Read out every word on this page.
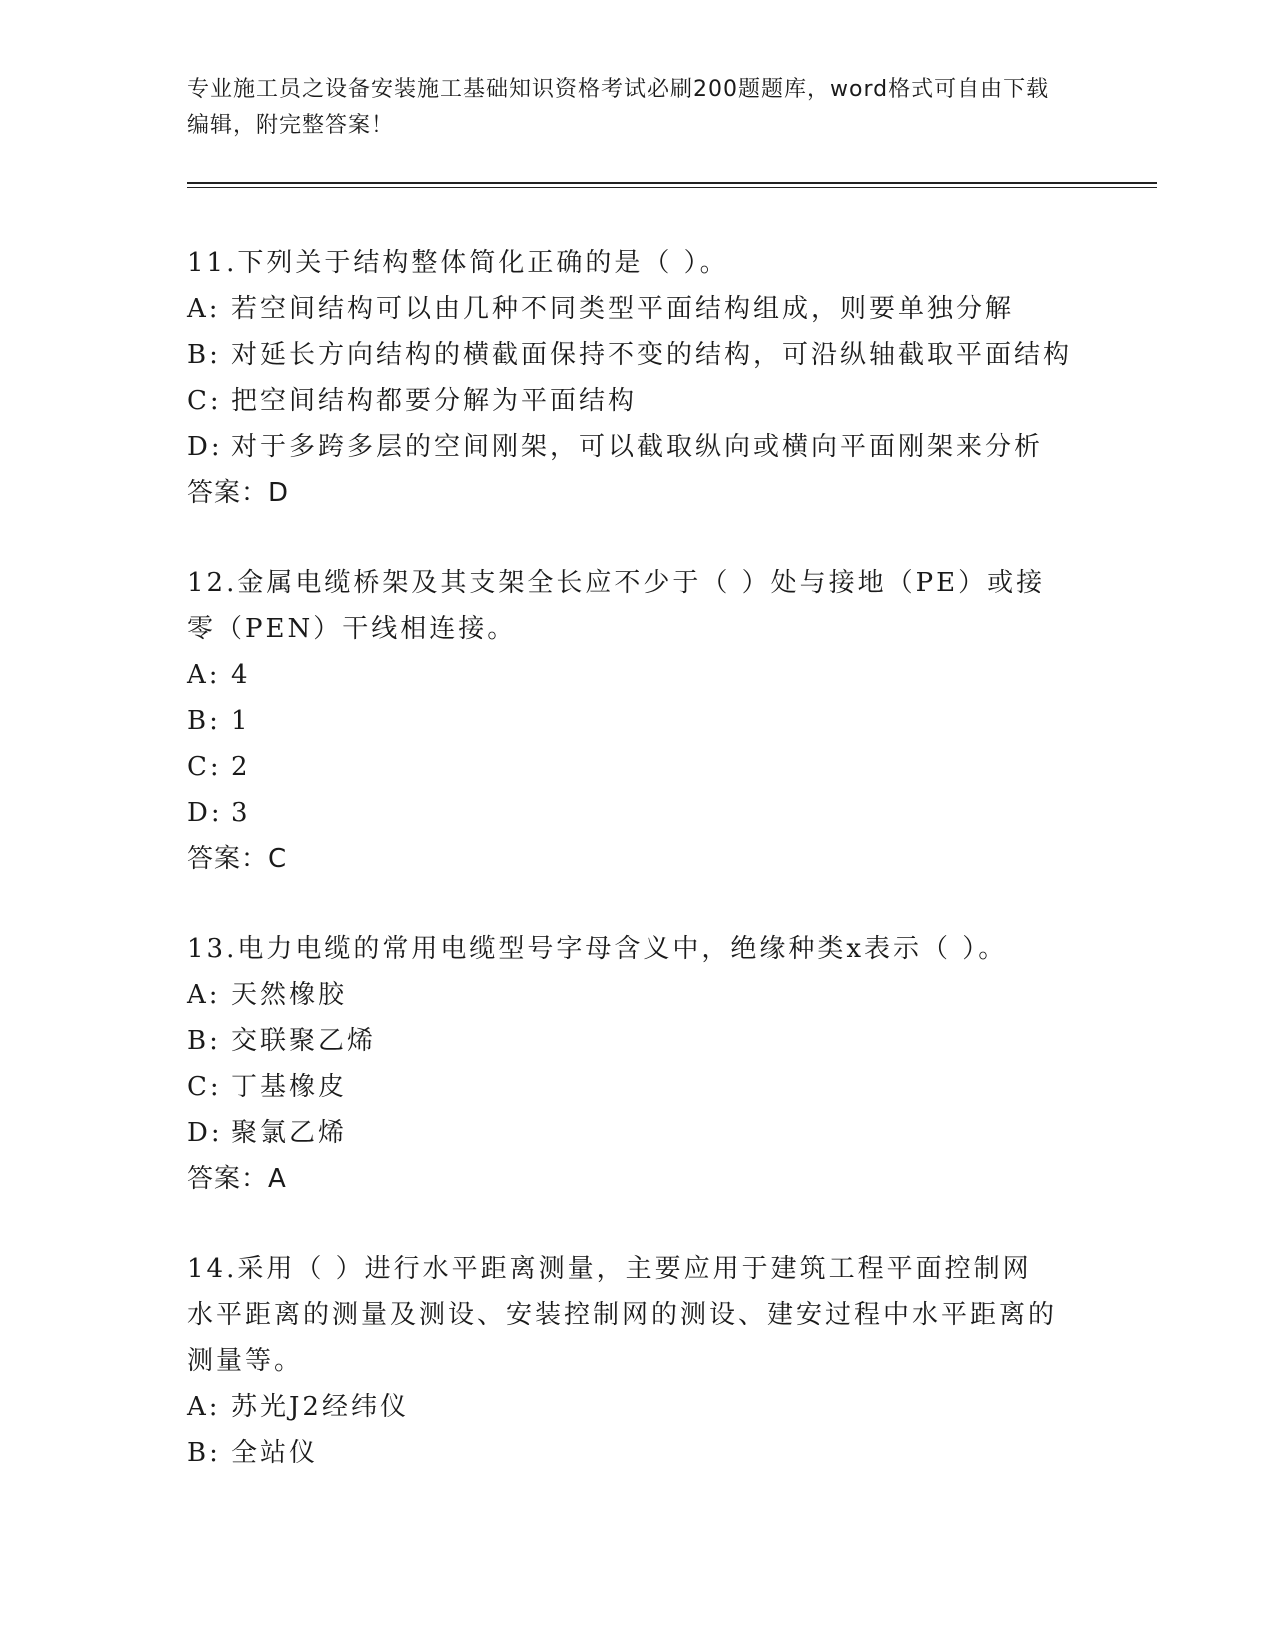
专业施工员之设备安装施工基础知识资格考试必刷200题题库，word格式可自由下载编辑，附完整答案！

11.下列关于结构整体简化正确的是（ ）。

A: 若空间结构可以由几种不同类型平面结构组成，则要单独分解

B: 对延长方向结构的横截面保持不变的结构，可沿纵轴截取平面结构

C: 把空间结构都要分解为平面结构

D: 对于多跨多层的空间刚架，可以截取纵向或横向平面刚架来分析

答案：D

12.金属电缆桥架及其支架全长应不少于（ ）处与接地（PE）或接零（PEN）干线相连接。

A: 4

B: 1

C: 2

D: 3

答案：C

13.电力电缆的常用电缆型号字母含义中，绝缘种类x表示（ ）。

A: 天然橡胶

B: 交联聚乙烯

C: 丁基橡皮

D: 聚氯乙烯

答案：A

14.采用（ ）进行水平距离测量，主要应用于建筑工程平面控制网水平距离的测量及测设、安装控制网的测设、建安过程中水平距离的测量等。

A: 苏光J2经纬仪

B: 全站仪
